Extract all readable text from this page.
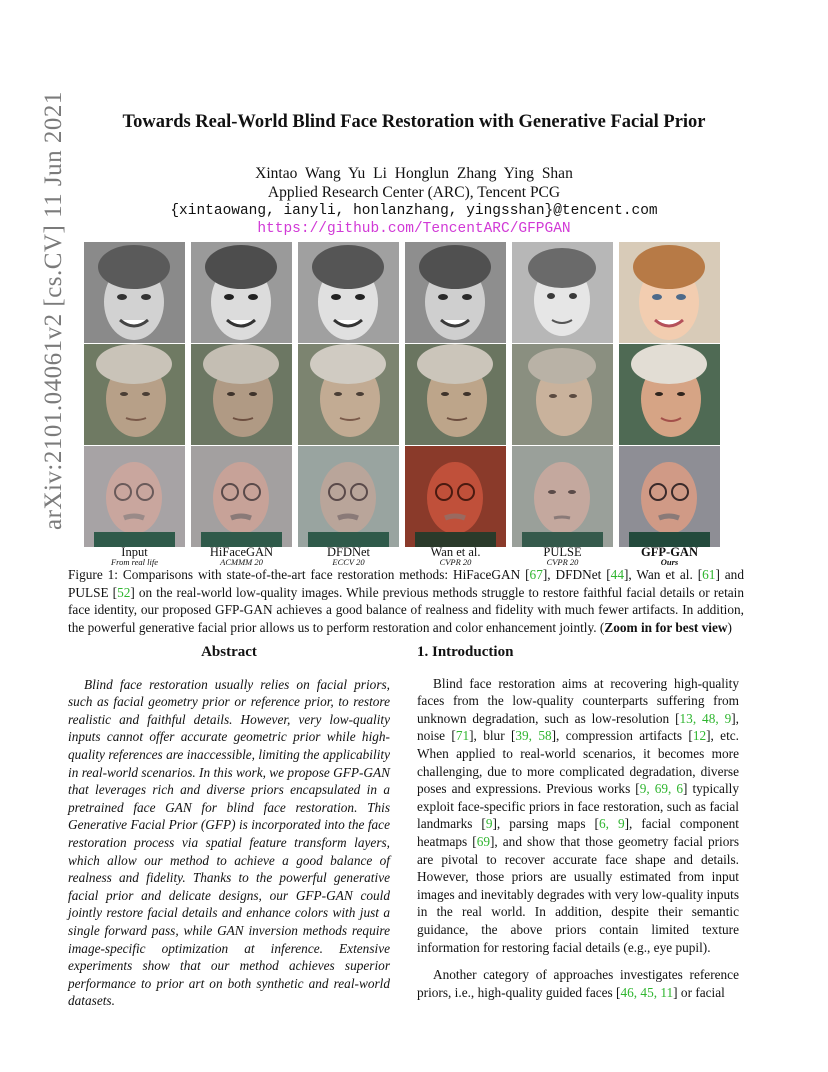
arXiv:2101.04061v2 [cs.CV] 11 Jun 2021	Towards Real-World Blind Face Restoration with Generative Facial Prior
Xintao Wang Yu Li Honglun Zhang Ying Shan
Applied Research Center (ARC), Tencent PCG
{xintaowang, ianyli, honlanzhang, yingsshan}@tencent.com
https://github.com/TencentARC/GFPGAN
Input
From real life
HiFaceGAN
ACMMM 20
DFDNet
ECCV 20
Wan et al.
CVPR 20
PULSE
CVPR 20
GFP-GAN
Ours
Figure 1: Comparisons with state-of-the-art face restoration methods: HiFaceGAN [67], DFDNet [44], Wan et al. [61] and PULSE [52] on the real-world low-quality images. While previous methods struggle to restore faithful facial details or retain face identity, our proposed GFP-GAN achieves a good balance of realness and fidelity with much fewer artifacts. In addition, the powerful generative facial prior allows us to perform restoration and color enhancement jointly. (Zoom in for best view)
Abstract
Blind face restoration usually relies on facial priors, such as facial geometry prior or reference prior, to restore realistic and faithful details. However, very low-quality inputs cannot offer accurate geometric prior while high-quality references are inaccessible, limiting the applicability in real-world scenarios. In this work, we propose GFP-GAN that leverages rich and diverse priors encapsulated in a pretrained face GAN for blind face restoration. This Generative Facial Prior (GFP) is incorporated into the face restoration process via spatial feature transform layers, which allow our method to achieve a good balance of realness and fidelity. Thanks to the powerful generative facial prior and delicate designs, our GFP-GAN could jointly restore facial details and enhance colors with just a single forward pass, while GAN inversion methods require image-specific optimization at inference. Extensive experiments show that our method achieves superior performance to prior art on both synthetic and real-world datasets.
1. Introduction

Blind face restoration aims at recovering high-quality faces from the low-quality counterparts suffering from unknown degradation, such as low-resolution [13, 48, 9], noise [71], blur [39, 58], compression artifacts [12], etc. When applied to real-world scenarios, it becomes more challenging, due to more complicated degradation, diverse poses and expressions. Previous works [9, 69, 6] typically exploit face-specific priors in face restoration, such as facial landmarks [9], parsing maps [6, 9], facial component heatmaps [69], and show that those geometry facial priors are pivotal to recover accurate face shape and details. However, those priors are usually estimated from input images and inevitably degrades with very low-quality inputs in the real world. In addition, despite their semantic guidance, the above priors contain limited texture information for restoring facial details (e.g., eye pupil).

Another category of approaches investigates reference priors, i.e., high-quality guided faces [46, 45, 11] or facial
